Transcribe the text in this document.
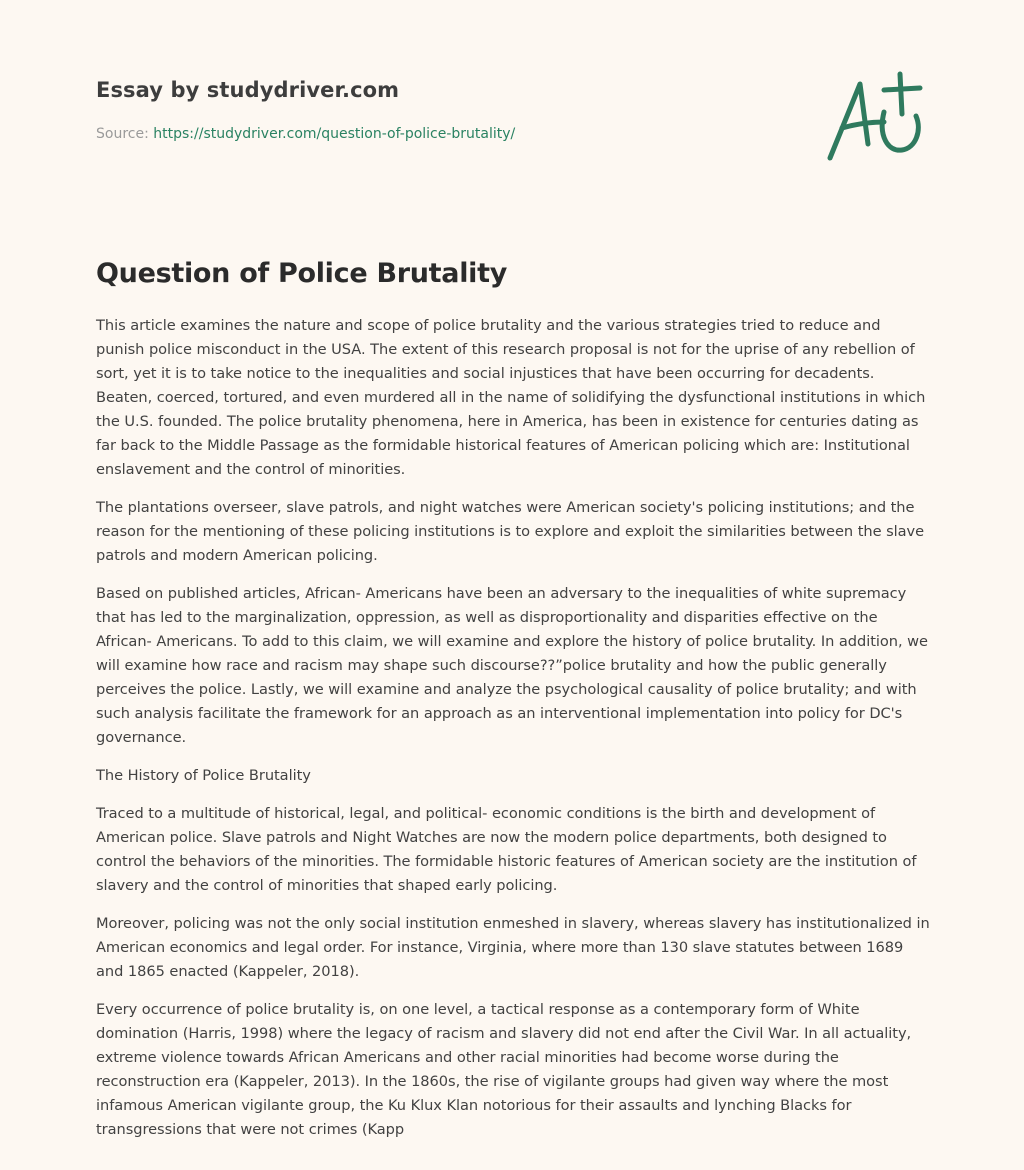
Essay by studydriver.com
Source: https://studydriver.com/question-of-police-brutality/
Question of Police Brutality

This article examines the nature and scope of police brutality and the various strategies tried to reduce and punish police misconduct in the USA. The extent of this research proposal is not for the uprise of any rebellion of sort, yet it is to take notice to the inequalities and social injustices that have been occurring for decadents. Beaten, coerced, tortured, and even murdered all in the name of solidifying the dysfunctional institutions in which the U.S. founded. The police brutality phenomena, here in America, has been in existence for centuries dating as far back to the Middle Passage as the formidable historical features of American policing which are: Institutional enslavement and the control of minorities.

The plantations overseer, slave patrols, and night watches were American society's policing institutions; and the reason for the mentioning of these policing institutions is to explore and exploit the similarities between the slave patrols and modern American policing.

Based on published articles, African- Americans have been an adversary to the inequalities of white supremacy that has led to the marginalization, oppression, as well as disproportionality and disparities effective on the African- Americans. To add to this claim, we will examine and explore the history of police brutality. In addition, we will examine how race and racism may shape such discourse??”police brutality and how the public generally perceives the police. Lastly, we will examine and analyze the psychological causality of police brutality; and with such analysis facilitate the framework for an approach as an interventional implementation into policy for DC's governance.

The History of Police Brutality

Traced to a multitude of historical, legal, and political- economic conditions is the birth and development of American police. Slave patrols and Night Watches are now the modern police departments, both designed to control the behaviors of the minorities. The formidable historic features of American society are the institution of slavery and the control of minorities that shaped early policing.

Moreover, policing was not the only social institution enmeshed in slavery, whereas slavery has institutionalized in American economics and legal order. For instance, Virginia, where more than 130 slave statutes between 1689 and 1865 enacted (Kappeler, 2018).

Every occurrence of police brutality is, on one level, a tactical response as a contemporary form of White domination (Harris, 1998) where the legacy of racism and slavery did not end after the Civil War. In all actuality, extreme violence towards African Americans and other racial minorities had become worse during the reconstruction era (Kappeler, 2013). In the 1860s, the rise of vigilante groups had given way where the most infamous American vigilante group, the Ku Klux Klan notorious for their assaults and lynching Blacks for transgressions that were not crimes (Kapp
